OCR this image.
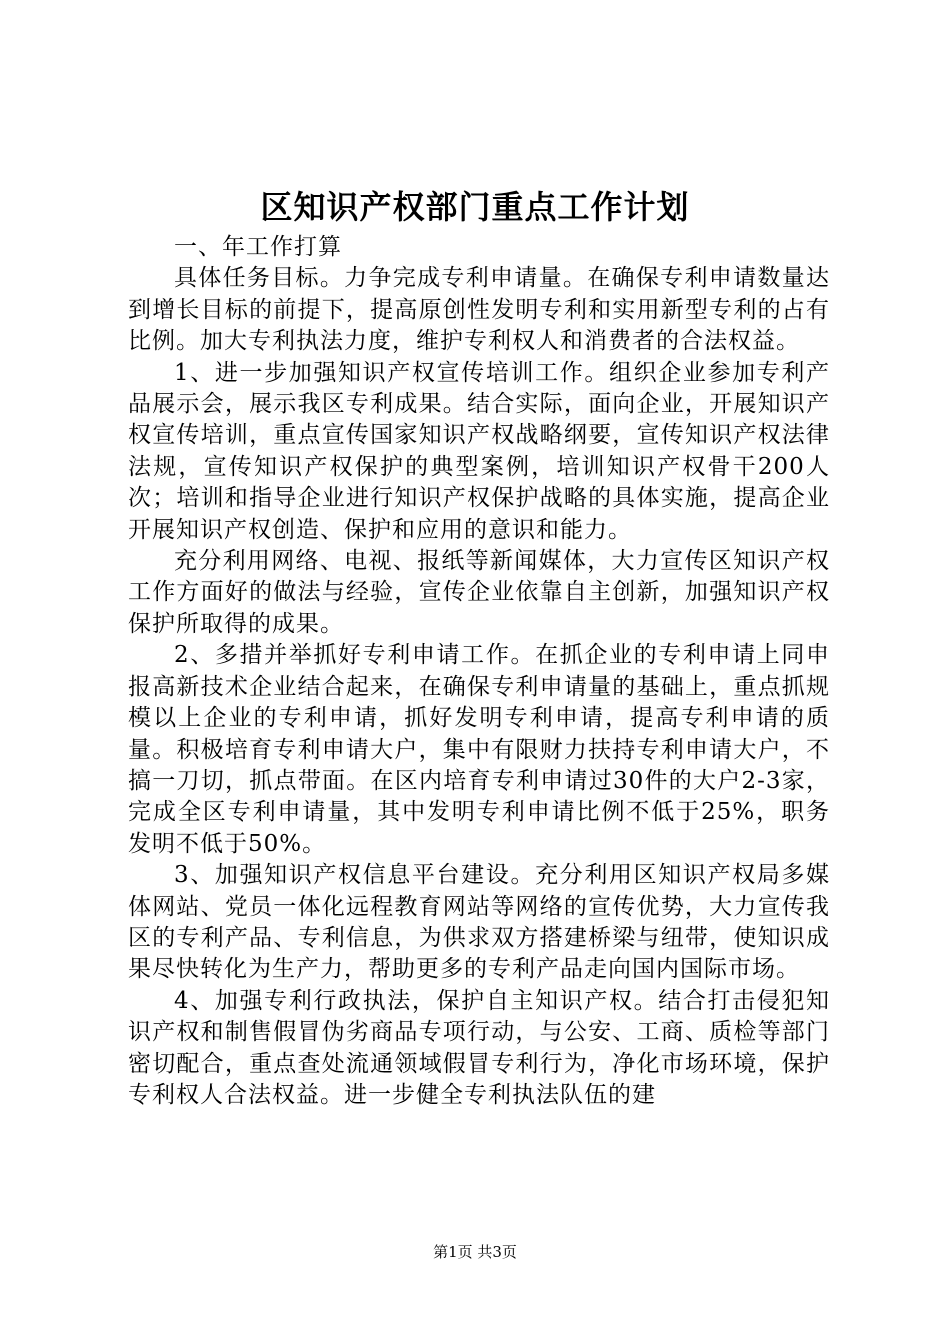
区知识产权部门重点工作计划

一、年工作打算

具体任务目标。力争完成专利申请量。在确保专利申请数量达到增长目标的前提下，提高原创性发明专利和实用新型专利的占有比例。加大专利执法力度，维护专利权人和消费者的合法权益。

1、进一步加强知识产权宣传培训工作。组织企业参加专利产品展示会，展示我区专利成果。结合实际，面向企业，开展知识产权宣传培训，重点宣传国家知识产权战略纲要，宣传知识产权法律法规，宣传知识产权保护的典型案例，培训知识产权骨干200人次；培训和指导企业进行知识产权保护战略的具体实施，提高企业开展知识产权创造、保护和应用的意识和能力。

充分利用网络、电视、报纸等新闻媒体，大力宣传区知识产权工作方面好的做法与经验，宣传企业依靠自主创新，加强知识产权保护所取得的成果。

2、多措并举抓好专利申请工作。在抓企业的专利申请上同申报高新技术企业结合起来，在确保专利申请量的基础上，重点抓规模以上企业的专利申请，抓好发明专利申请，提高专利申请的质量。积极培育专利申请大户，集中有限财力扶持专利申请大户，不搞一刀切，抓点带面。在区内培育专利申请过30件的大户2-3家，完成全区专利申请量，其中发明专利申请比例不低于25%，职务发明不低于50%。

3、加强知识产权信息平台建设。充分利用区知识产权局多媒体网站、党员一体化远程教育网站等网络的宣传优势，大力宣传我区的专利产品、专利信息，为供求双方搭建桥梁与纽带，使知识成果尽快转化为生产力，帮助更多的专利产品走向国内国际市场。

4、加强专利行政执法，保护自主知识产权。结合打击侵犯知识产权和制售假冒伪劣商品专项行动，与公安、工商、质检等部门密切配合，重点查处流通领域假冒专利行为，净化市场环境，保护专利权人合法权益。进一步健全专利执法队伍的建

第1页 共3页
